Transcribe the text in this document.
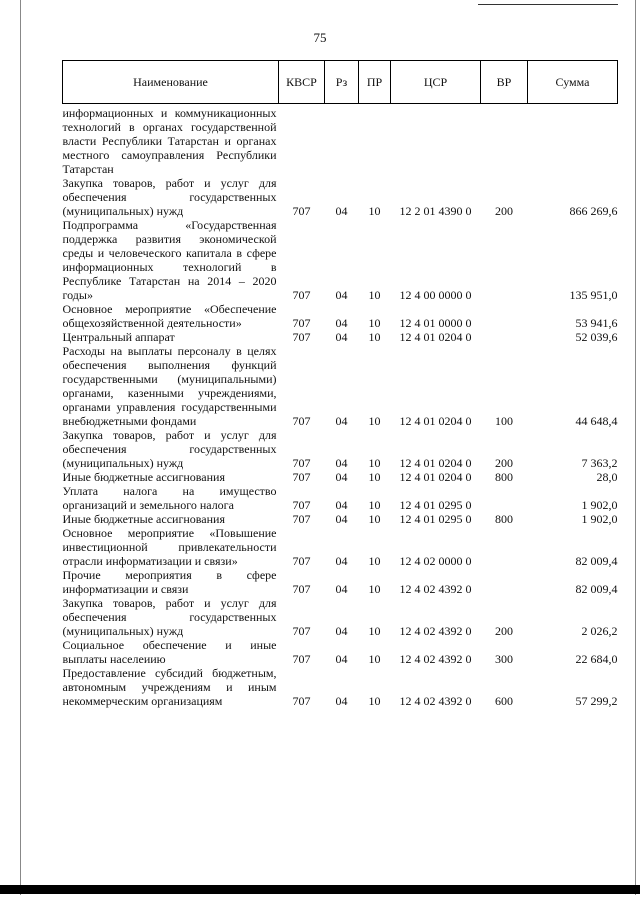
75
Наименование	КВСР	Рз	ПР	ЦСР	ВР	Сумма
информационных и коммуникационных технологий в органах государственной власти Республики Татарстан и органах местного самоуправления Республики Татарстан						
Закупка товаров, работ и услуг для обеспечения государственных (муниципальных) нужд	707	04	10	12 2 01 4390 0	200	866 269,6
Подпрограмма «Государственная поддержка развития экономической среды и человеческого капитала в сфере информационных технологий в Республике Татарстан на 2014 – 2020 годы»	707	04	10	12 4 00 0000 0		135 951,0
Основное мероприятие «Обеспечение общехозяйственной деятельности»	707	04	10	12 4 01 0000 0		53 941,6
Центральный аппарат	707	04	10	12 4 01 0204 0		52 039,6
Расходы на выплаты персоналу в целях обеспечения выполнения функций государственными (муниципальными) органами, казенными учреждениями, органами управления государственными внебюджетными фондами	707	04	10	12 4 01 0204 0	100	44 648,4
Закупка товаров, работ и услуг для обеспечения государственных (муниципальных) нужд	707	04	10	12 4 01 0204 0	200	7 363,2
Иные бюджетные ассигнования	707	04	10	12 4 01 0204 0	800	28,0
Уплата налога на имущество организаций и земельного налога	707	04	10	12 4 01 0295 0		1 902,0
Иные бюджетные ассигнования	707	04	10	12 4 01 0295 0	800	1 902,0
Основное мероприятие «Повышение инвестиционной привлекательности отрасли информатизации и связи»	707	04	10	12 4 02 0000 0		82 009,4
Прочие мероприятия в сфере информатизации и связи	707	04	10	12 4 02 4392 0		82 009,4
Закупка товаров, работ и услуг для обеспечения государственных (муниципальных) нужд	707	04	10	12 4 02 4392 0	200	2 026,2
Социальное обеспечение и иные выплаты населеиию	707	04	10	12 4 02 4392 0	300	22 684,0
Предоставление субсидий бюджетным, автономным учреждениям и иным некоммерческим организациям	707	04	10	12 4 02 4392 0	600	57 299,2
